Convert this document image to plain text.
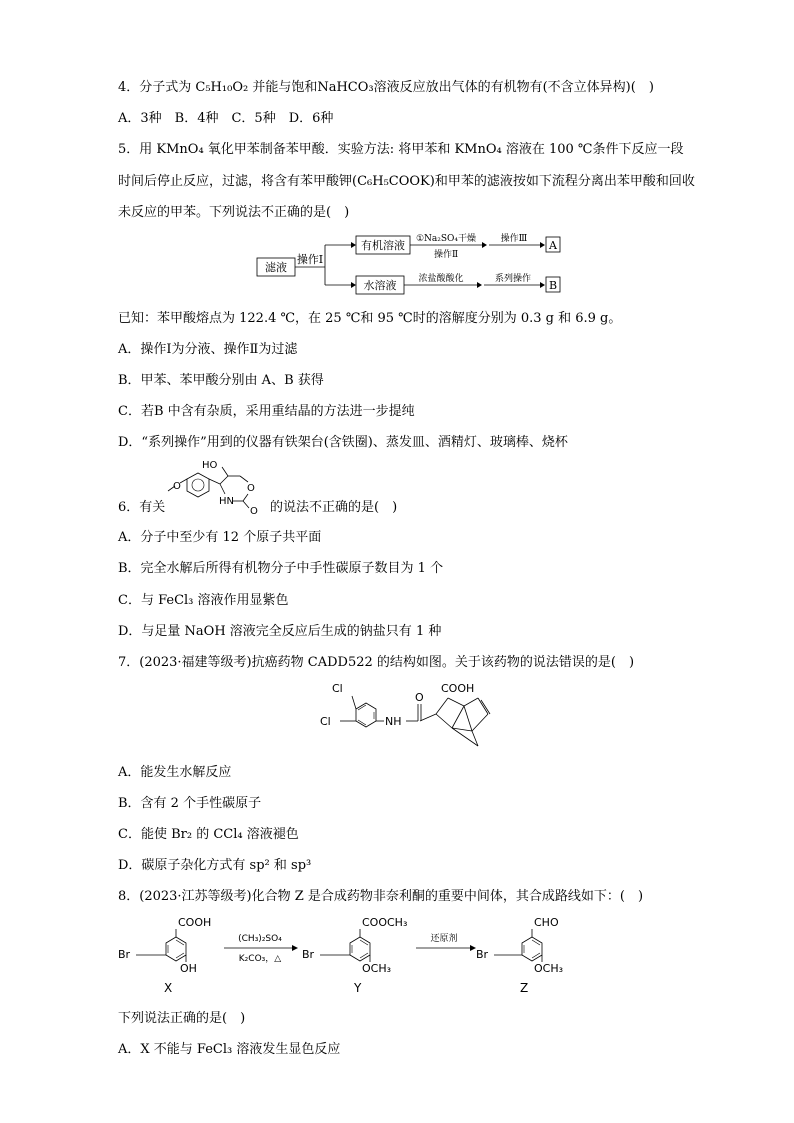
4．分子式为 C₅H₁₀O₂ 并能与饱和NaHCO₃溶液反应放出气体的有机物有(不含立体异构)(　)
A．3种　B．4种　C．5种　D．6种
5．用 KMnO₄ 氧化甲苯制备苯甲酸．实验方法: 将甲苯和 KMnO₄ 溶液在 100 ℃条件下反应一段
时间后停止反应，过滤，将含有苯甲酸钾(C₆H₅COOK)和甲苯的滤液按如下流程分离出苯甲酸和回收
未反应的甲苯。下列说法不正确的是(　)
滤液
操作Ⅰ
有机溶液 ①Na₂SO₄干燥
操作Ⅱ
操作Ⅲ A
水溶液 浓盐酸酸化	系列操作 B
已知：苯甲酸熔点为 122.4 ℃，在 25 ℃和 95 ℃时的溶解度分别为 0.3 g 和 6.9 g。
A．操作Ⅰ为分液、操作Ⅱ为过滤
B．甲苯、苯甲酸分别由 A、B 获得
C．若B 中含有杂质，采用重结晶的方法进一步提纯
D．“系列操作”用到的仪器有铁架台(含铁圈)、蒸发皿、酒精灯、玻璃棒、烧杯
6．有关
O	O
O
HN
HO
的说法不正确的是(　)
A．分子中至少有 12 个原子共平面
B．完全水解后所得有机物分子中手性碳原子数目为 1 个
C．与 FeCl₃ 溶液作用显紫色
D．与足量 NaOH 溶液完全反应后生成的钠盐只有 1 种
7．(2023·福建等级考)抗癌药物 CADD522 的结构如图。关于该药物的说法错误的是(　)
Cl
Cl	NH
O
COOH
A．能发生水解反应
B．含有 2 个手性碳原子
C．能使 Br₂ 的 CCl₄ 溶液褪色
D．碳原子杂化方式有 sp² 和 sp³
8．(2023·江苏等级考)化合物 Z 是合成药物非奈利酮的重要中间体，其合成路线如下：(　)
COOH
Br
OH
X
(CH₃)₂SO₄
K₂CO₃，△
COOCH₃
Br
OCH₃
Y
还原剂
CHO
Br
OCH₃
Z
下列说法正确的是(　)
A．X 不能与 FeCl₃ 溶液发生显色反应
